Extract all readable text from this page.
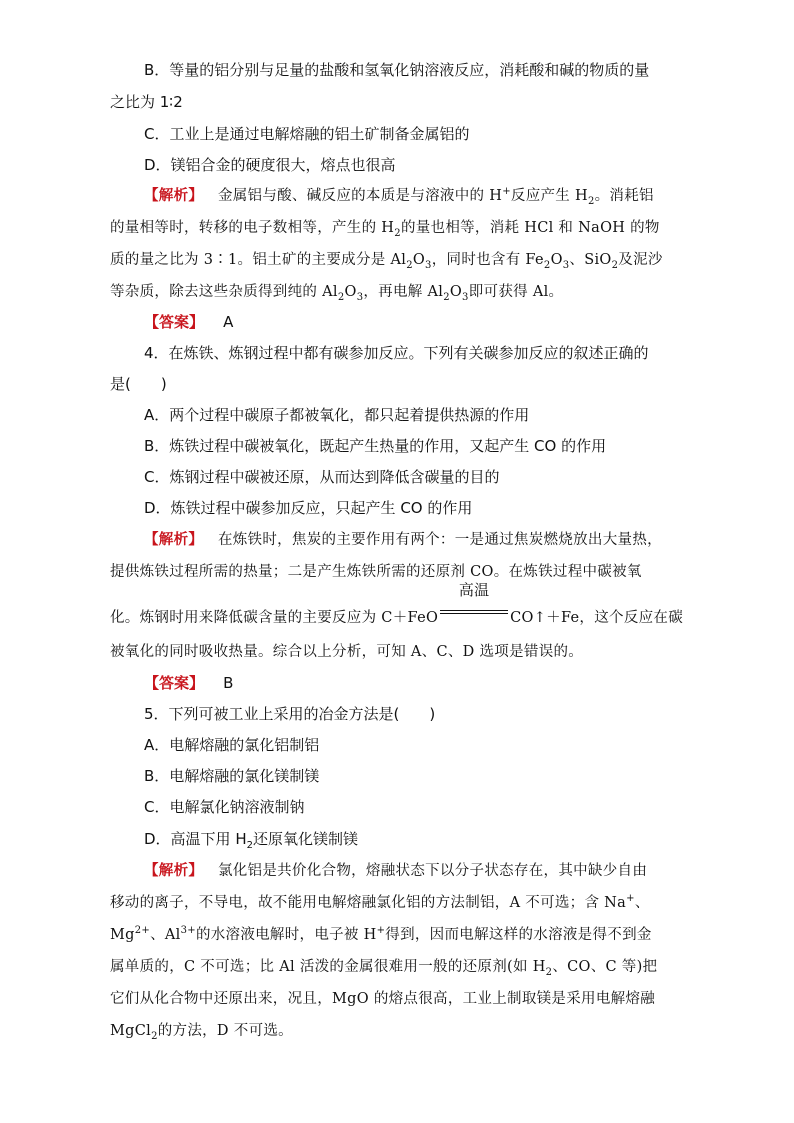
B．等量的铝分别与足量的盐酸和氢氧化钠溶液反应，消耗酸和碱的物质的量
之比为 1∶2
C．工业上是通过电解熔融的铝土矿制备金属铝的
D．镁铝合金的硬度很大，熔点也很高
【解析】 金属铝与酸、碱反应的本质是与溶液中的 H+反应产生 $H_2$。消耗铝
的量相等时，转移的电子数相等，产生的 $H_2$的量也相等，消耗 HCl 和 NaOH 的物
质的量之比为 3∶1。铝土矿的主要成分是 $Al_2O_3$，同时也含有 $Fe_2O_3$、SiO$_2$及泥沙
等杂质，除去这些杂质得到纯的 $Al_2O_3$，再电解 $Al_2O_3$即可获得 Al。
【答案】 A
4．在炼铁、炼钢过程中都有碳参加反应。下列有关碳参加反应的叙述正确的
是(　　)
A．两个过程中碳原子都被氧化，都只起着提供热源的作用
B．炼铁过程中碳被氧化，既起产生热量的作用，又起产生 CO 的作用
C．炼钢过程中碳被还原，从而达到降低含碳量的目的
D．炼铁过程中碳参加反应，只起产生 CO 的作用
【解析】 在炼铁时，焦炭的主要作用有两个：一是通过焦炭燃烧放出大量热，
提供炼铁过程所需的热量；二是产生炼铁所需的还原剂 CO。在炼铁过程中碳被氧
化。炼钢时用来降低碳含量的主要反应为 C＋FeO
高温
CO↑＋Fe，这个反应在碳
被氧化的同时吸收热量。综合以上分析，可知 A、C、D 选项是错误的。
【答案】 B
5．下列可被工业上采用的冶金方法是(　　)
A．电解熔融的氯化铝制铝
B．电解熔融的氯化镁制镁
C．电解氯化钠溶液制钠
D．高温下用 $H_2$还原氧化镁制镁
【解析】 氯化铝是共价化合物，熔融状态下以分子状态存在，其中缺少自由
移动的离子，不导电，故不能用电解熔融氯化铝的方法制铝，A 不可选；含 Na+、
$Mg^{2+}$、$Al^{3+}$的水溶液电解时，电子被 H+得到，因而电解这样的水溶液是得不到金
属单质的，C 不可选；比 Al 活泼的金属很难用一般的还原剂(如 $H_2$、CO、C 等)把
它们从化合物中还原出来，况且，MgO 的熔点很高，工业上制取镁是采用电解熔融
MgCl$_2$的方法，D 不可选。
